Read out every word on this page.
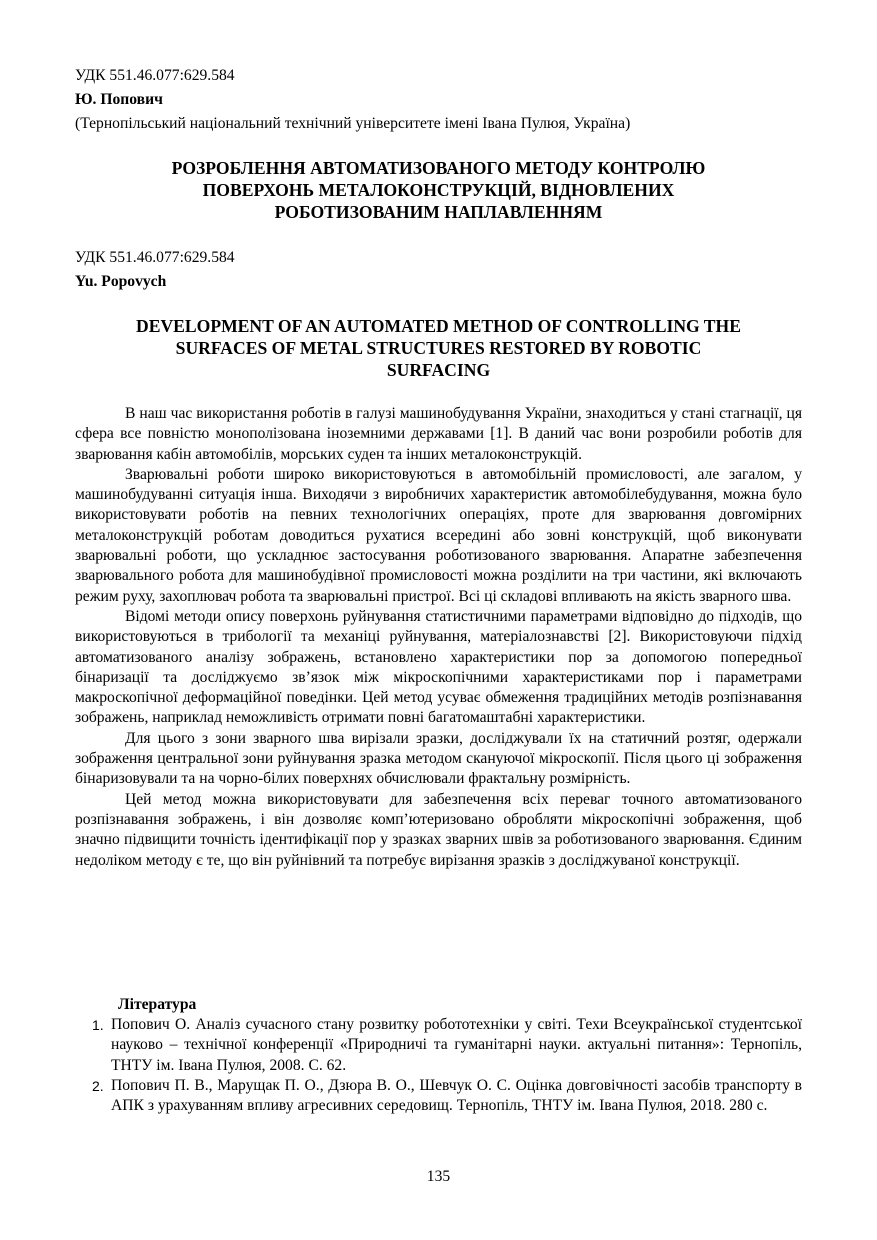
УДК 551.46.077:629.584
Ю. Попович
(Тернопільський національний технічний університете імені Івана Пулюя, Україна)
РОЗРОБЛЕННЯ АВТОМАТИЗОВАНОГО МЕТОДУ КОНТРОЛЮ
ПОВЕРХОНЬ МЕТАЛОКОНСТРУКЦІЙ, ВІДНОВЛЕНИХ
РОБОТИЗОВАНИМ НАПЛАВЛЕННЯМ
УДК 551.46.077:629.584
Yu. Popovych
DEVELOPMENT OF AN AUTOMATED METHOD OF CONTROLLING THE
SURFACES OF METAL STRUCTURES RESTORED BY ROBOTIC
SURFACING

В наш час використання роботів в галузі машинобудування України, знаходиться у стані стагнації, ця сфера все повністю монополізована іноземними державами [1]. В даний час вони розробили роботів для зварювання кабін автомобілів, морських суден та інших металоконструкцій.

Зварювальні роботи широко використовуються в автомобільній промисловості, але загалом, у машинобудуванні ситуація інша. Виходячи з виробничих характеристик автомобілебудування, можна було використовувати роботів на певних технологічних операціях, проте для зварювання довгомірних металоконструкцій роботам доводиться рухатися всередині або зовні конструкцій, щоб виконувати зварювальні роботи, що ускладнює застосування роботизованого зварювання. Апаратне забезпечення зварювального робота для машинобудівної промисловості можна розділити на три частини, які включають режим руху, захоплювач робота та зварювальні пристрої. Всі ці складові впливають на якість зварного шва.

Відомі методи опису поверхонь руйнування статистичними параметрами відповідно до підходів, що використовуються в трибології та механіці руйнування, матеріалознавстві [2]. Використовуючи підхід автоматизованого аналізу зображень, встановлено характеристики пор за допомогою попередньої бінаризації та досліджуємо зв’язок між мікроскопічними характеристиками пор і параметрами макроскопічної деформаційної поведінки. Цей метод усуває обмеження традиційних методів розпізнавання зображень, наприклад неможливість отримати повні багатомаштабні характеристики.

Для цього з зони зварного шва вирізали зразки, досліджували їх на статичний розтяг, одержали зображення центральної зони руйнування зразка методом скануючої мікроскопії. Після цього ці зображення бінаризовували та на чорно-білих поверхнях обчислювали фрактальну розмірність.

Цей метод можна використовувати для забезпечення всіх переваг точного автоматизованого розпізнавання зображень, і він дозволяє комп’ютеризовано обробляти мікроскопічні зображення, щоб значно підвищити точність ідентифікації пор у зразках зварних швів за роботизованого зварювання. Єдиним недоліком методу є те, що він руйнівний та потребує вирізання зразків з досліджуваної конструкції.

Література
1. Попович О. Аналіз сучасного стану розвитку робототехніки у світі. Техи Всеукраїнської студентської науково – технічної конференції «Природничі та гуманітарні науки. актуальні питання»: Тернопіль, ТНТУ ім. Івана Пулюя, 2008. С. 62.
2. Попович П. В., Марущак П. О., Дзюра В. О., Шевчук О. С. Оцінка довговічності засобів транспорту в АПК з урахуванням впливу агресивних середовищ. Тернопіль, ТНТУ ім. Івана Пулюя, 2018. 280 с.
135
